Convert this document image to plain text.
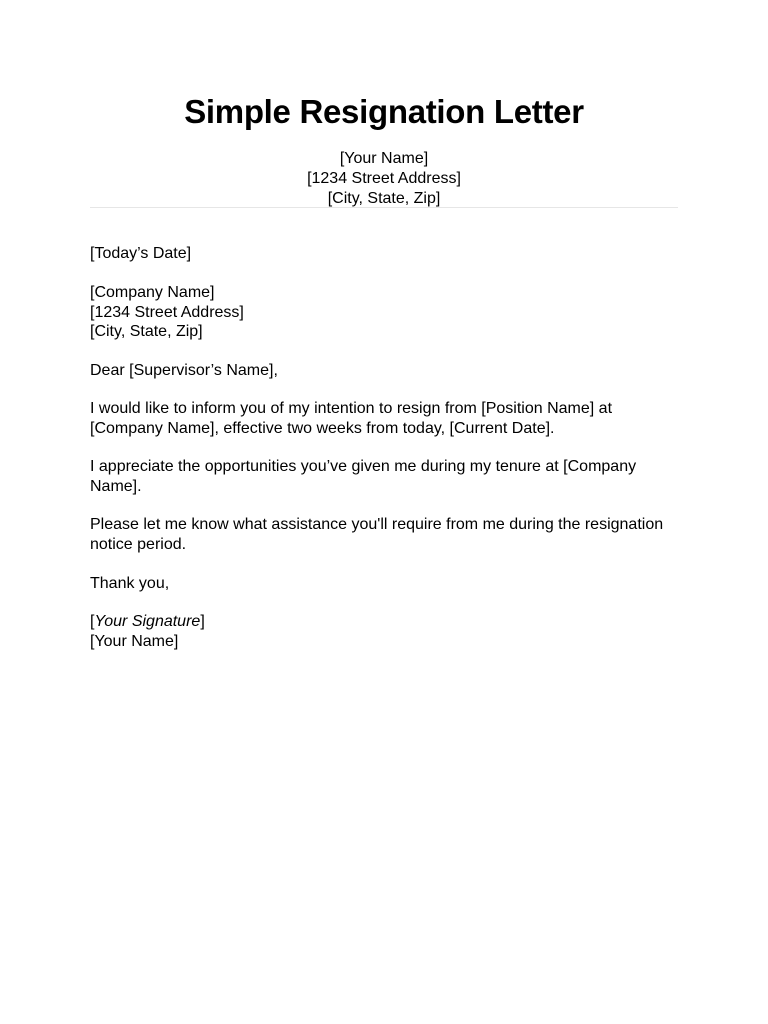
Simple Resignation Letter
[Your Name]
[1234 Street Address]
[City, State, Zip]

[Today’s Date]

[Company Name]

[1234 Street Address]

[City, State, Zip]

Dear [Supervisor’s Name],

I would like to inform you of my intention to resign from [Position Name] at

[Company Name], effective two weeks from today, [Current Date].

I appreciate the opportunities you’ve given me during my tenure at [Company

Name].

Please let me know what assistance you'll require from me during the resignation

notice period.

Thank you,

[Your Signature]

[Your Name]
